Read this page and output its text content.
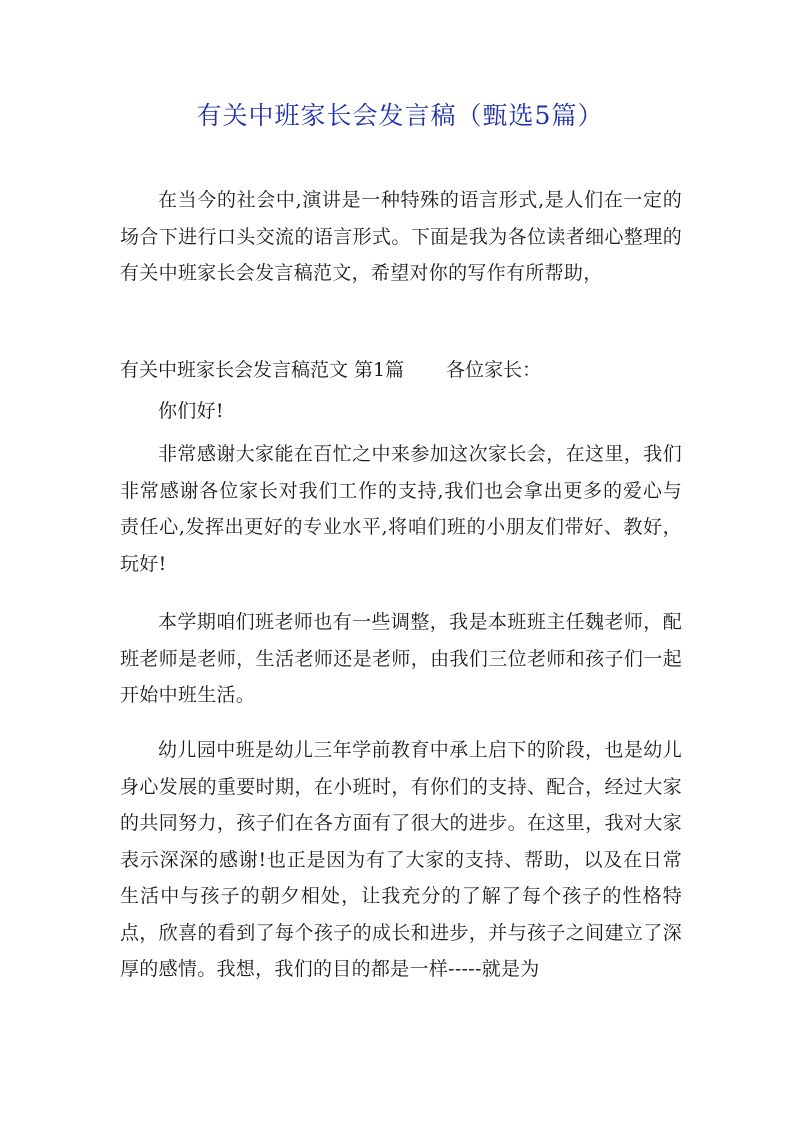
有关中班家长会发言稿（甄选5篇）

在当今的社会中,演讲是一种特殊的语言形式,是人们在一定的场合下进行口头交流的语言形式。下面是我为各位读者细心整理的有关中班家长会发言稿范文，希望对你的写作有所帮助，

有关中班家长会发言稿范文 第1篇 各位家长：

你们好!

非常感谢大家能在百忙之中来参加这次家长会，在这里，我们非常感谢各位家长对我们工作的支持,我们也会拿出更多的爱心与责任心,发挥出更好的专业水平,将咱们班的小朋友们带好、教好，玩好!

本学期咱们班老师也有一些调整，我是本班班主任魏老师，配班老师是老师，生活老师还是老师，由我们三位老师和孩子们一起开始中班生活。

幼儿园中班是幼儿三年学前教育中承上启下的阶段，也是幼儿身心发展的重要时期，在小班时，有你们的支持、配合，经过大家的共同努力，孩子们在各方面有了很大的进步。在这里，我对大家表示深深的感谢!也正是因为有了大家的支持、帮助，以及在日常生活中与孩子的朝夕相处，让我充分的了解了每个孩子的性格特点，欣喜的看到了每个孩子的成长和进步，并与孩子之间建立了深厚的感情。我想，我们的目的都是一样-----就是为
